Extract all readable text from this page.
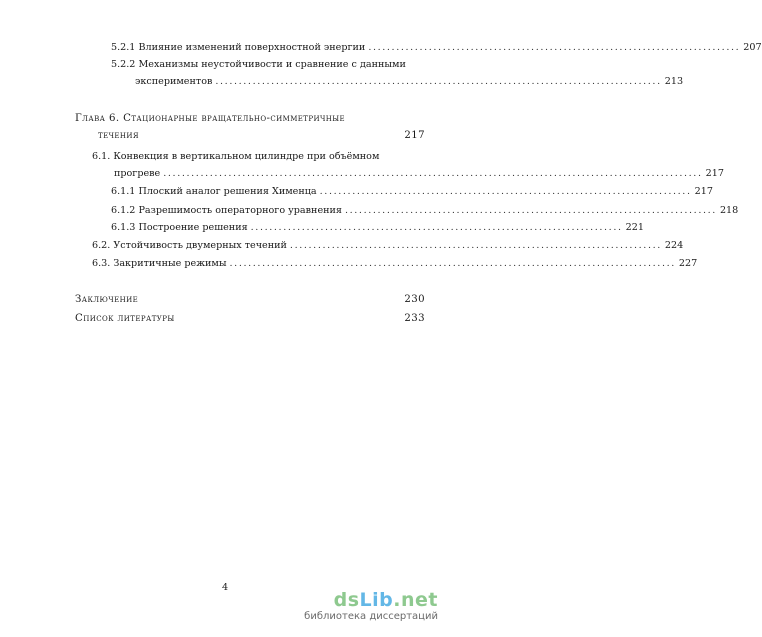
5.2.1 Влияние изменений поверхностной энергии ................................................................................ 207
5.2.2 Механизмы неустойчивости и сравнение с данными
экспериментов ................................................................................................ 213
Глава 6. Стационарные вращательно-симметричные
течения	217
6.1. Конвекция в вертикальном цилиндре при объёмном
прогреве .................................................................................................................... 217
6.1.1 Плоский аналог решения Хименца ................................................................................ 217
6.1.2 Разрешимость операторного уравнения ................................................................................ 218
6.1.3 Построение решения ................................................................................ 221
6.2. Устойчивость двумерных течений ................................................................................ 224
6.3. Закритичные режимы ................................................................................................ 227
Заключение	230
Список литературы	233
4
dsLib.net
библиотека диссертаций
